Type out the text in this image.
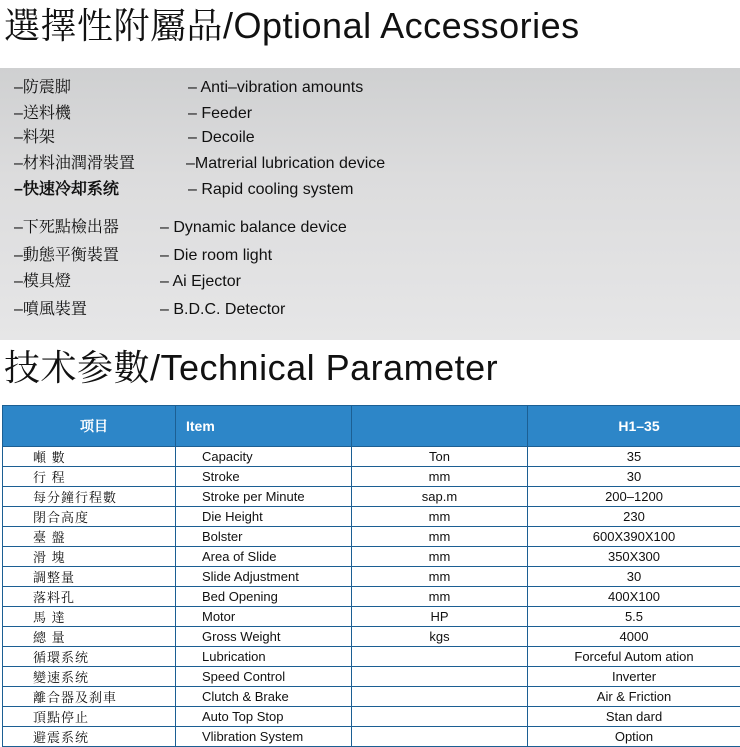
選擇性附屬品/Optional Accessories
–防震脚	– Anti–vibration amounts
–送料機	– Feeder
–料架	– Decoile
–材料油潤滑裝置	–Matrerial lubrication device
–快速冷却系统	– Rapid cooling system
–下死點檢出器	– Dynamic balance device
–動態平衡裝置	– Die room light
–模具燈	– Ai Ejector
–噴風裝置	– B.D.C. Detector
技术参數/Technical Parameter
项目	Item		H1–35
噸 數	Capacity	Ton	35
行 程	Stroke	mm	30
每分鐘行程數	Stroke per Minute	sap.m	200–1200
閉合高度	Die Height	mm	230
臺 盤	Bolster	mm	600X390X100
滑 塊	Area of Slide	mm	350X300
調整量	Slide Adjustment	mm	30
落料孔	Bed Opening	mm	400X100
馬 達	Motor	HP	5.5
總 量	Gross Weight	kgs	4000
循環系统	Lubrication		Forceful Autom ation
變速系统	Speed Control		Inverter
離合器及刹車	Clutch & Brake		Air & Friction
頂點停止	Auto Top Stop		Stan dard
避震系统	Vlibration System		Option
